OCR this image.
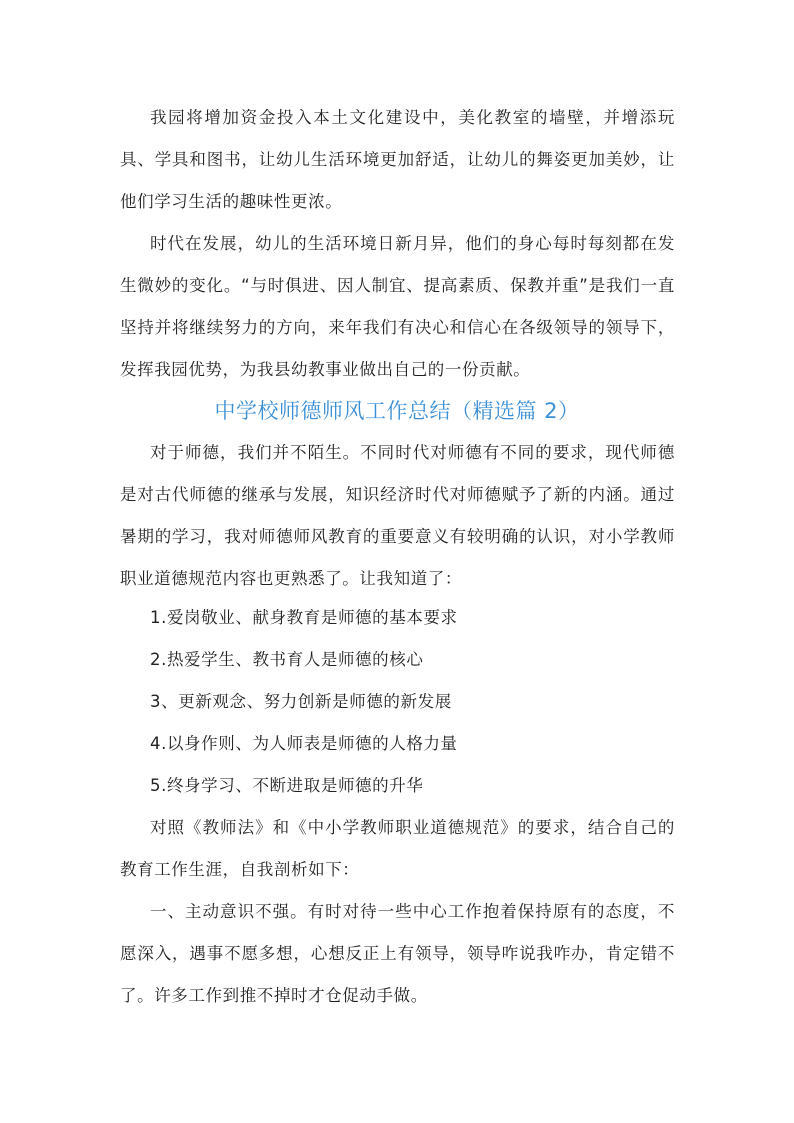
我园将增加资金投入本土文化建设中，美化教室的墙壁，并增添玩具、学具和图书，让幼儿生活环境更加舒适，让幼儿的舞姿更加美妙，让他们学习生活的趣味性更浓。

时代在发展，幼儿的生活环境日新月异，他们的身心每时每刻都在发生微妙的变化。“与时俱进、因人制宜、提高素质、保教并重”是我们一直坚持并将继续努力的方向，来年我们有决心和信心在各级领导的领导下，发挥我园优势，为我县幼教事业做出自己的一份贡献。

中学校师德师风工作总结（精选篇 2）

对于师德，我们并不陌生。不同时代对师德有不同的要求，现代师德是对古代师德的继承与发展，知识经济时代对师德赋予了新的内涵。通过暑期的学习，我对师德师风教育的重要意义有较明确的认识，对小学教师职业道德规范内容也更熟悉了。让我知道了：

1.爱岗敬业、献身教育是师德的基本要求

2.热爱学生、教书育人是师德的核心

3、更新观念、努力创新是师德的新发展

4.以身作则、为人师表是师德的人格力量

5.终身学习、不断进取是师德的升华

对照《教师法》和《中小学教师职业道德规范》的要求，结合自己的教育工作生涯，自我剖析如下：

一、主动意识不强。有时对待一些中心工作抱着保持原有的态度，不愿深入，遇事不愿多想，心想反正上有领导，领导咋说我咋办，肯定错不了。许多工作到推不掉时才仓促动手做。
